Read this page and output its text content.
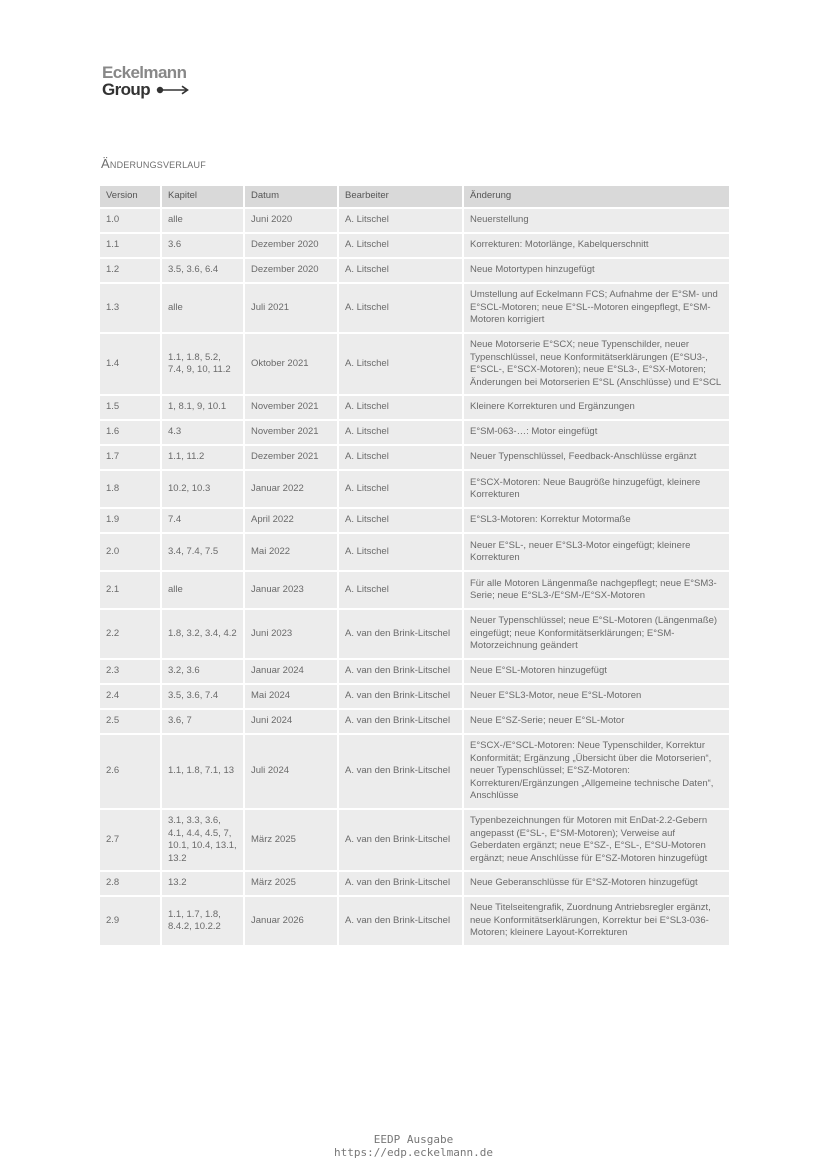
Eckelmann
Group
Änderungsverlauf
Version	Kapitel	Datum	Bearbeiter	Änderung
1.0	alle	Juni 2020	A. Litschel	Neuerstellung
1.1	3.6	Dezember 2020	A. Litschel	Korrekturen: Motorlänge, Kabelquerschnitt
1.2	3.5, 3.6, 6.4	Dezember 2020	A. Litschel	Neue Motortypen hinzugefügt
1.3	alle	Juli 2021	A. Litschel	Umstellung auf Eckelmann FCS; Aufnahme der E°SM- und E°SCL-Motoren; neue E°SL--Motoren eingepflegt, E°SM-Motoren korrigiert
1.4	1.1, 1.8, 5.2, 7.4, 9, 10, 11.2	Oktober 2021	A. Litschel	Neue Motorserie E°SCX; neue Typenschilder, neuer Typenschlüssel, neue Konformitätserklärungen (E°SU3-, E°SCL-, E°SCX-Motoren); neue E°SL3-, E°SX-Motoren; Änderungen bei Motorserien E°SL (Anschlüsse) und E°SCL
1.5	1, 8.1, 9, 10.1	November 2021	A. Litschel	Kleinere Korrekturen und Ergänzungen
1.6	4.3	November 2021	A. Litschel	E°SM-063-…: Motor eingefügt
1.7	1.1, 11.2	Dezember 2021	A. Litschel	Neuer Typenschlüssel, Feedback-Anschlüsse ergänzt
1.8	10.2, 10.3	Januar 2022	A. Litschel	E°SCX-Motoren: Neue Baugröße hinzugefügt, kleinere Korrekturen
1.9	7.4	April 2022	A. Litschel	E°SL3-Motoren: Korrektur Motormaße
2.0	3.4, 7.4, 7.5	Mai 2022	A. Litschel	Neuer E°SL-, neuer E°SL3-Motor eingefügt; kleinere Korrekturen
2.1	alle	Januar 2023	A. Litschel	Für alle Motoren Längenmaße nachgepflegt; neue E°SM3-Serie; neue E°SL3-/E°SM-/E°SX-Motoren
2.2	1.8, 3.2, 3.4, 4.2	Juni 2023	A. van den Brink-Litschel	Neuer Typenschlüssel; neue E°SL-Motoren (Längenmaße) eingefügt; neue Konformitätserklärungen; E°SM-Motorzeichnung geändert
2.3	3.2, 3.6	Januar 2024	A. van den Brink-Litschel	Neue E°SL-Motoren hinzugefügt
2.4	3.5, 3.6, 7.4	Mai 2024	A. van den Brink-Litschel	Neuer E°SL3-Motor, neue E°SL-Motoren
2.5	3.6, 7	Juni 2024	A. van den Brink-Litschel	Neue E°SZ-Serie; neuer E°SL-Motor
2.6	1.1, 1.8, 7.1, 13	Juli 2024	A. van den Brink-Litschel	E°SCX-/E°SCL-Motoren: Neue Typenschilder, Korrektur Konformität; Ergänzung „Übersicht über die Motorserien“, neuer Typenschlüssel; E°SZ-Motoren: Korrekturen/Ergänzungen „Allgemeine technische Daten“, Anschlüsse
2.7	3.1, 3.3, 3.6, 4.1, 4.4, 4.5, 7, 10.1, 10.4, 13.1, 13.2	März 2025	A. van den Brink-Litschel	Typenbezeichnungen für Motoren mit EnDat-2.2-Gebern angepasst (E°SL-, E°SM-Motoren); Verweise auf Geberdaten ergänzt; neue E°SZ-, E°SL-, E°SU-Motoren ergänzt; neue Anschlüsse für E°SZ-Motoren hinzugefügt
2.8	13.2	März 2025	A. van den Brink-Litschel	Neue Geberanschlüsse für E°SZ-Motoren hinzugefügt
2.9	1.1, 1.7, 1.8, 8.4.2, 10.2.2	Januar 2026	A. van den Brink-Litschel	Neue Titelseitengrafik, Zuordnung Antriebsregler ergänzt, neue Konformitätserklärungen, Korrektur bei E°SL3-036-Motoren; kleinere Layout-Korrekturen
EEDP Ausgabe
https://edp.eckelmann.de
